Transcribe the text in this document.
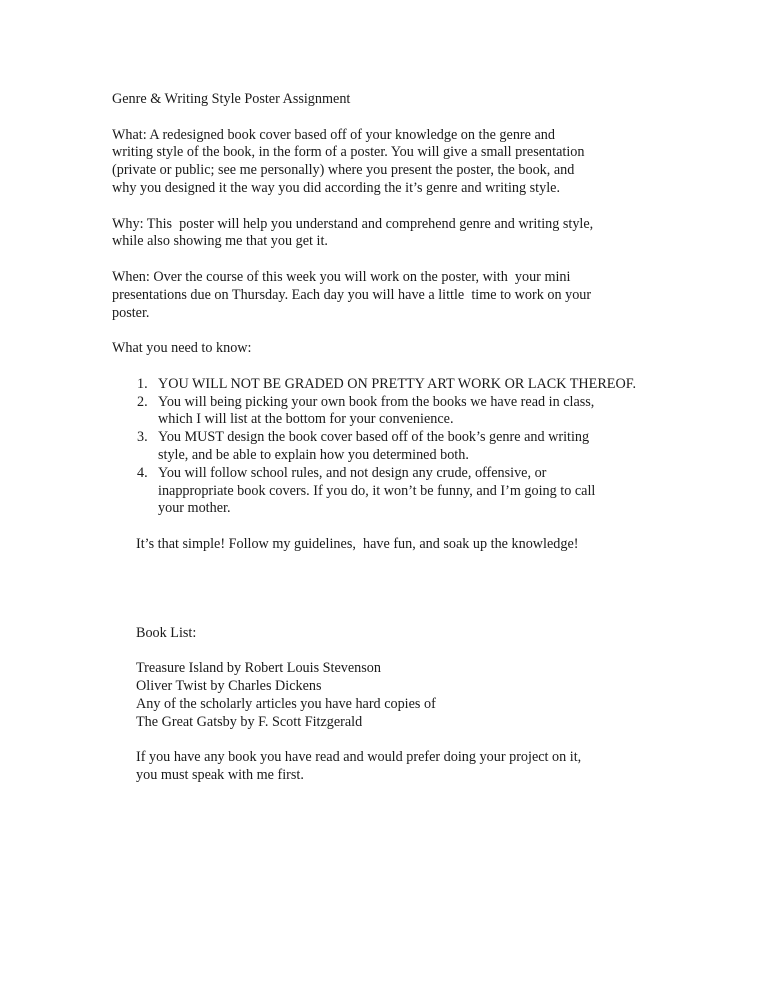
Genre & Writing Style Poster Assignment
What: A redesigned book cover based off of your knowledge on the genre and
writing style of the book, in the form of a poster. You will give a small presentation
(private or public; see me personally) where you present the poster, the book, and
why you designed it the way you did according the it’s genre and writing style.
Why: This  poster will help you understand and comprehend genre and writing style,
while also showing me that you get it.
When: Over the course of this week you will work on the poster, with  your mini
presentations due on Thursday. Each day you will have a little  time to work on your
poster.
What you need to know:
1. YOU WILL NOT BE GRADED ON PRETTY ART WORK OR LACK THEREOF.
2. You will being picking your own book from the books we have read in class,
which I will list at the bottom for your convenience.
3. You MUST design the book cover based off of the book’s genre and writing
style, and be able to explain how you determined both.
4. You will follow school rules, and not design any crude, offensive, or
inappropriate book covers. If you do, it won’t be funny, and I’m going to call
your mother.
It’s that simple! Follow my guidelines,  have fun, and soak up the knowledge!
Book List:
Treasure Island by Robert Louis Stevenson
Oliver Twist by Charles Dickens
Any of the scholarly articles you have hard copies of
The Great Gatsby by F. Scott Fitzgerald
If you have any book you have read and would prefer doing your project on it,
you must speak with me first.
